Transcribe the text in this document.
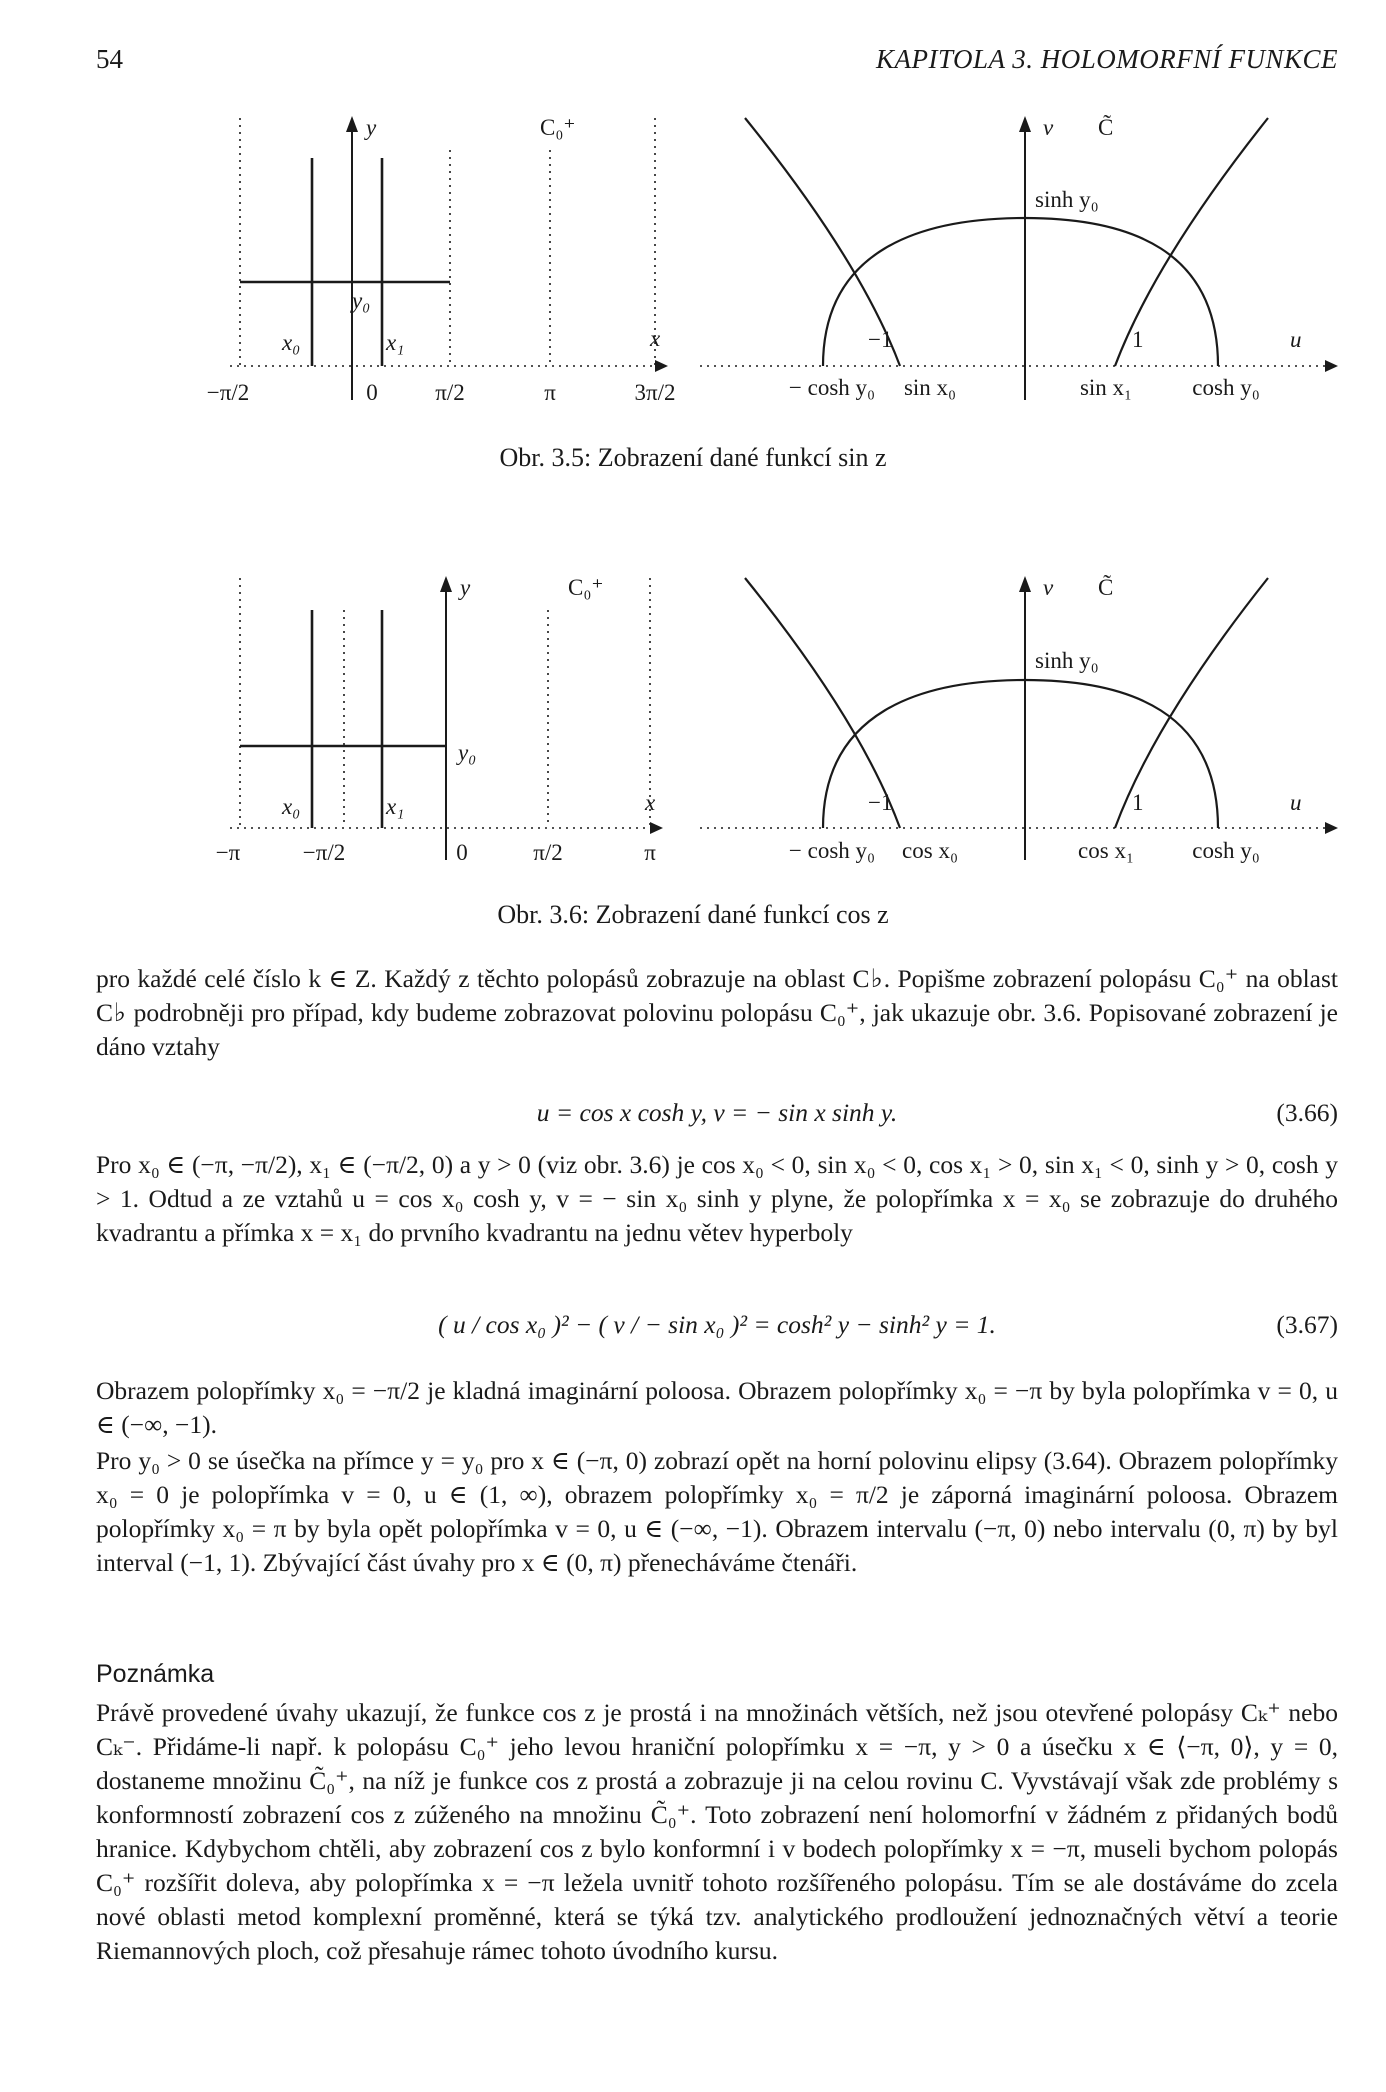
54	KAPITOLA 3. HOLOMORFNÍ FUNKCE
y	C₀⁺
y₀
x₀	x₁	x
−π/2	0 π/2	π	3π/2
v C̃
sinh y₀
−1	1	u
− cosh y₀ sin x₀	sin x₁	cosh y₀
Obr. 3.5: Zobrazení dané funkcí sin z
y	C₀⁺
y₀
x₀	x₁	x
−π	−π/2	0	π/2	π
v C̃
sinh y₀
−1	1	u
− cosh y₀ cos x₀	cos x₁	cosh y₀
Obr. 3.6: Zobrazení dané funkcí cos z
pro každé celé číslo k ∈ Z. Každý z těchto polopásů zobrazuje na oblast C♭. Popišme zobrazení polopásu C₀⁺ na oblast C♭ podrobněji pro případ, kdy budeme zobrazovat polovinu polopásu C₀⁺, jak ukazuje obr. 3.6. Popisované zobrazení je dáno vztahy
u = cos x cosh y, v = − sin x sinh y.	(3.66)
Pro x₀ ∈ (−π, −π/2), x₁ ∈ (−π/2, 0) a y > 0 (viz obr. 3.6) je cos x₀ < 0, sin x₀ < 0, cos x₁ > 0, sin x₁ < 0, sinh y > 0, cosh y > 1. Odtud a ze vztahů u = cos x₀ cosh y, v = − sin x₀ sinh y plyne, že polopřímka x = x₀ se zobrazuje do druhého kvadrantu a přímka x = x₁ do prvního kvadrantu na jednu větev hyperboly
( u / cos x₀ )² − ( v / − sin x₀ )² = cosh² y − sinh² y = 1.	(3.67)
Obrazem polopřímky x₀ = −π/2 je kladná imaginární poloosa. Obrazem polopřímky x₀ = −π by byla polopřímka v = 0, u ∈ (−∞, −1).
Pro y₀ > 0 se úsečka na přímce y = y₀ pro x ∈ (−π, 0) zobrazí opět na horní polovinu elipsy (3.64). Obrazem polopřímky x₀ = 0 je polopřímka v = 0, u ∈ (1, ∞), obrazem polopřímky x₀ = π/2 je záporná imaginární poloosa. Obrazem polopřímky x₀ = π by byla opět polopřímka v = 0, u ∈ (−∞, −1). Obrazem intervalu (−π, 0) nebo intervalu (0, π) by byl interval (−1, 1). Zbývající část úvahy pro x ∈ (0, π) přenecháváme čtenáři.
Poznámka
Právě provedené úvahy ukazují, že funkce cos z je prostá i na množinách větších, než jsou otevřené polopásy Cₖ⁺ nebo Cₖ⁻. Přidáme-li např. k polopásu C₀⁺ jeho levou hraniční polopřímku x = −π, y > 0 a úsečku x ∈ ⟨−π, 0⟩, y = 0, dostaneme množinu C̃₀⁺, na níž je funkce cos z prostá a zobrazuje ji na celou rovinu C. Vyvstávají však zde problémy s konformností zobrazení cos z zúženého na množinu C̃₀⁺. Toto zobrazení není holomorfní v žádném z přidaných bodů hranice. Kdybychom chtěli, aby zobrazení cos z bylo konformní i v bodech polopřímky x = −π, museli bychom polopás C₀⁺ rozšířit doleva, aby polopřímka x = −π ležela uvnitř tohoto rozšířeného polopásu. Tím se ale dostáváme do zcela nové oblasti metod komplexní proměnné, která se týká tzv. analytického prodloužení jednoznačných větví a teorie Riemannových ploch, což přesahuje rámec tohoto úvodního kursu.
